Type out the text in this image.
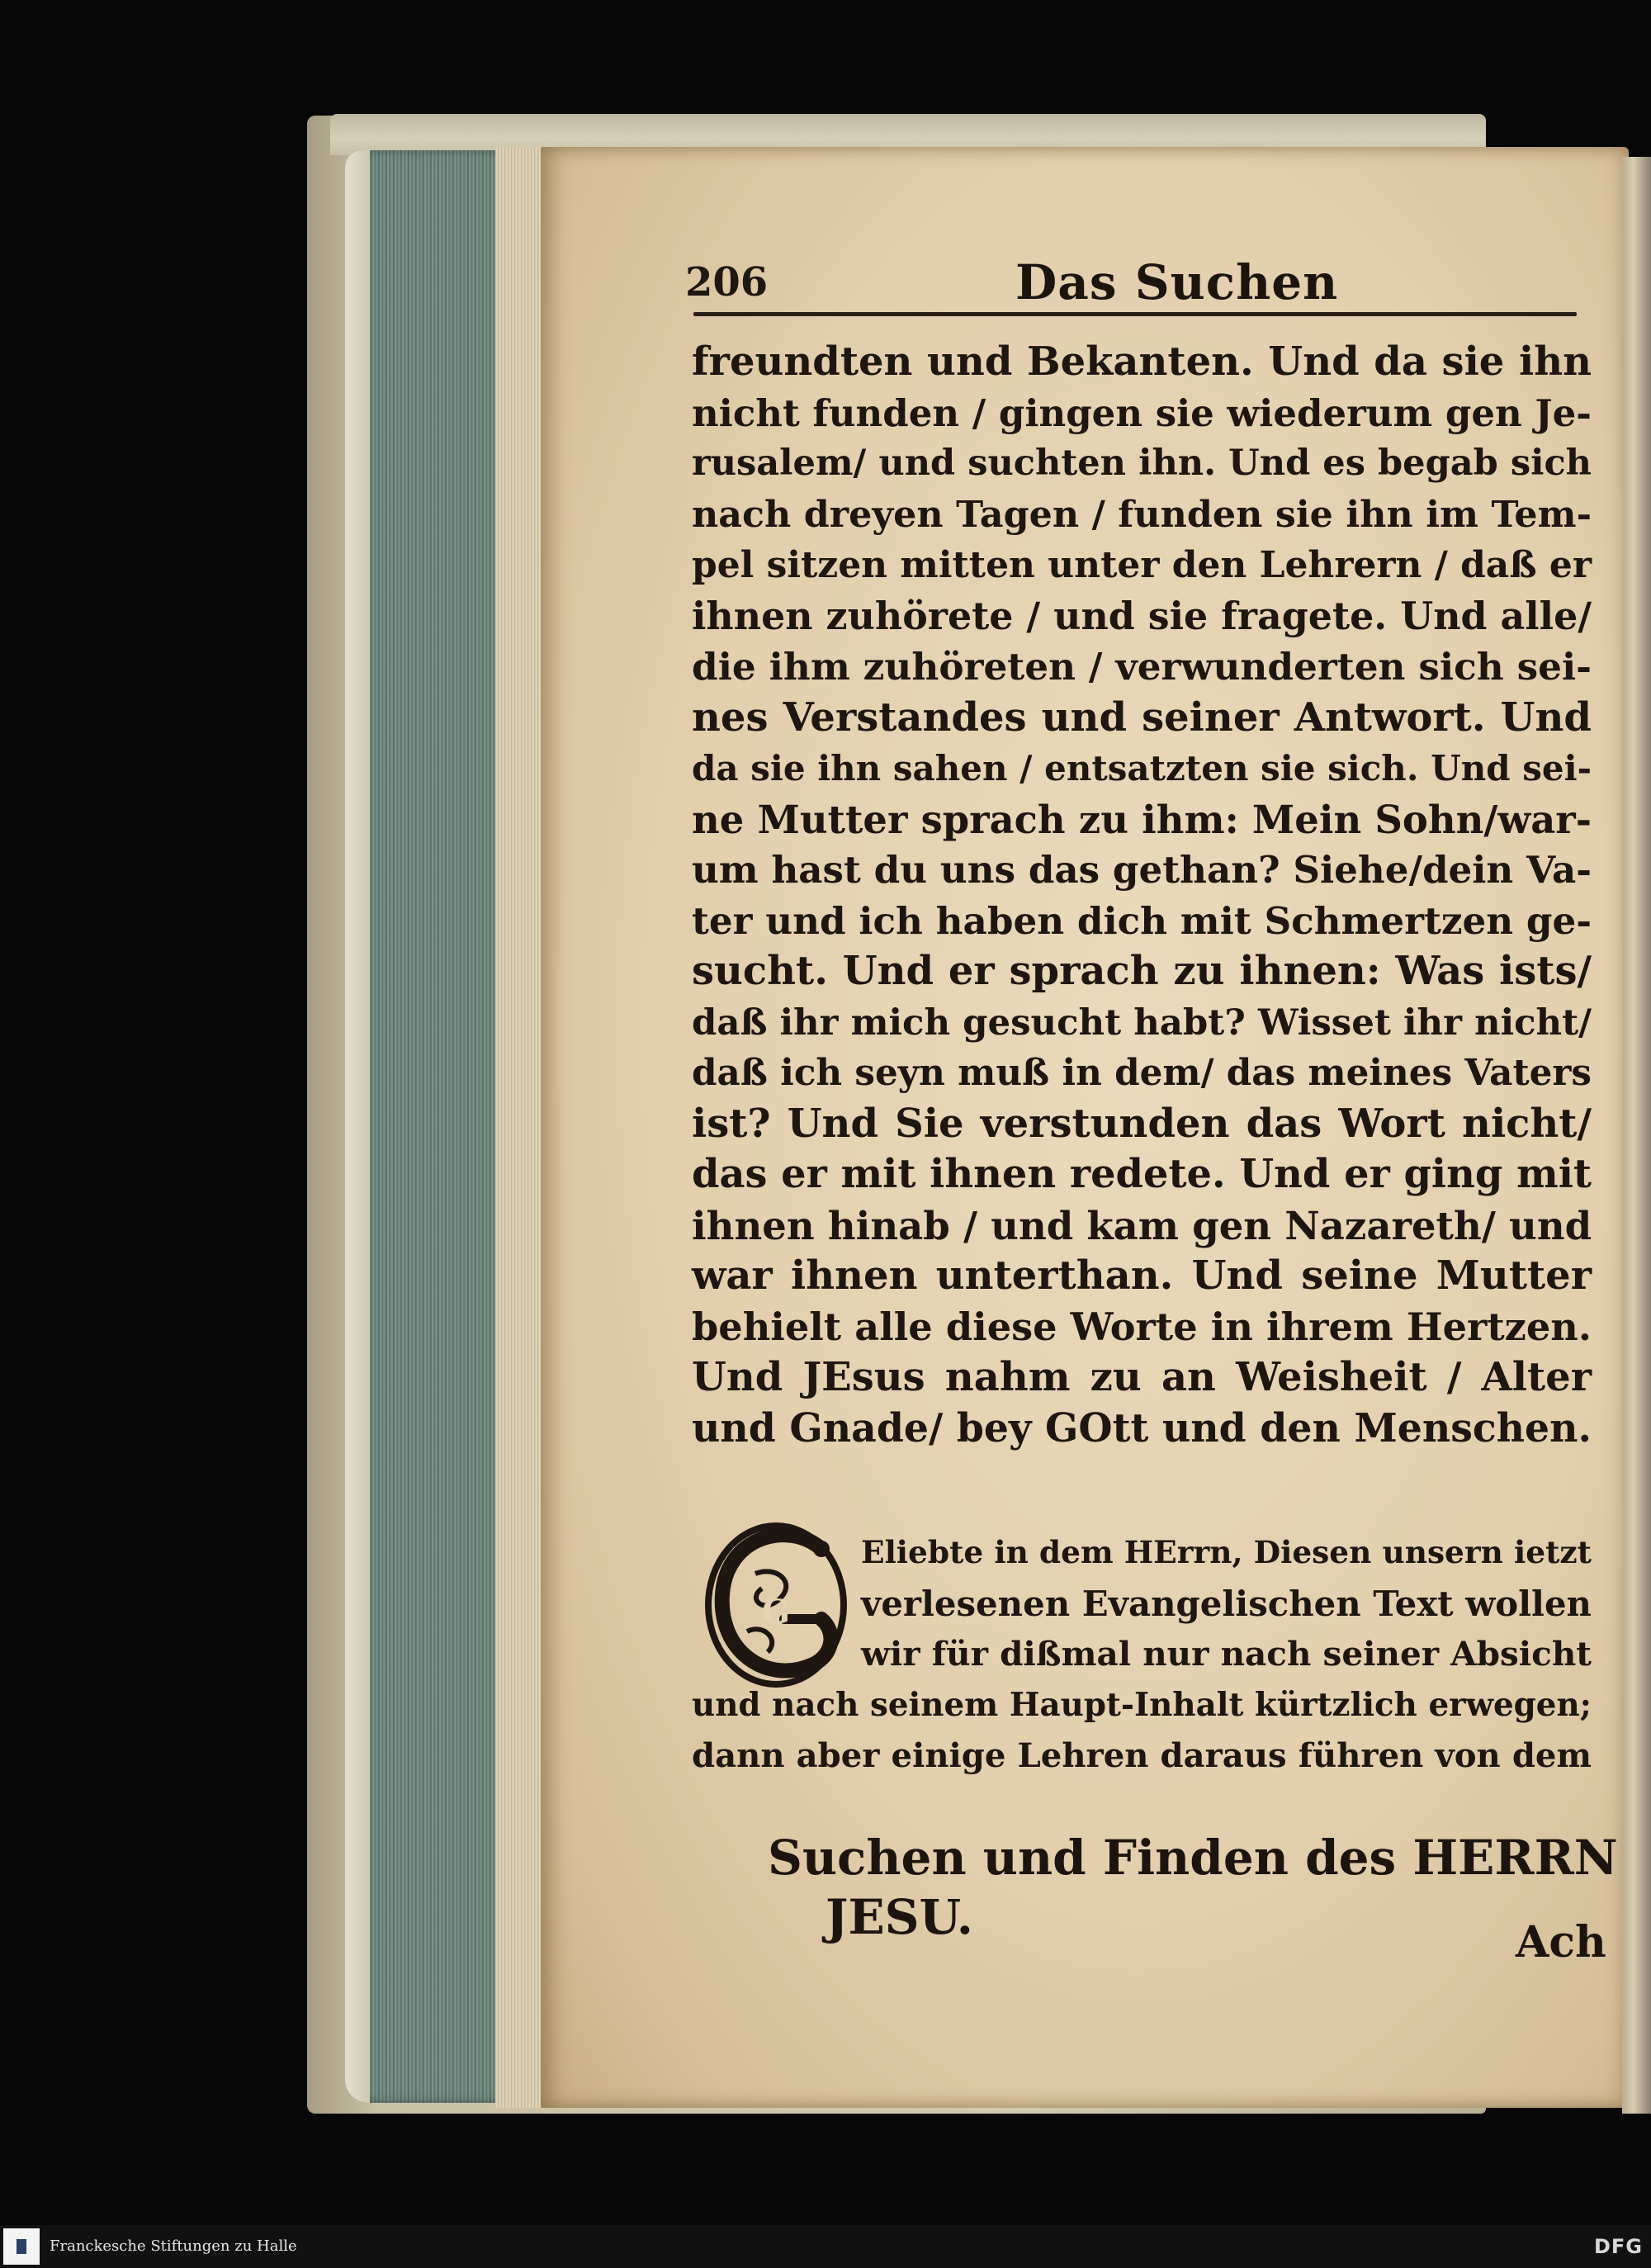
206	Das Suchen
freundten und Bekanten. Und da sie ihn
nicht funden / gingen sie wiederum gen Je-
rusalem/ und suchten ihn. Und es begab sich
nach dreyen Tagen / funden sie ihn im Tem-
pel sitzen mitten unter den Lehrern / daß er
ihnen zuhörete / und sie fragete. Und alle/
die ihm zuhöreten / verwunderten sich sei-
nes Verstandes und seiner Antwort. Und
da sie ihn sahen / entsatzten sie sich. Und sei-
ne Mutter sprach zu ihm: Mein Sohn/war-
um hast du uns das gethan? Siehe/dein Va-
ter und ich haben dich mit Schmertzen ge-
sucht. Und er sprach zu ihnen: Was ists/
daß ihr mich gesucht habt? Wisset ihr nicht/
daß ich seyn muß in dem/ das meines Vaters
ist? Und Sie verstunden das Wort nicht/
das er mit ihnen redete. Und er ging mit
ihnen hinab / und kam gen Nazareth/ und
war ihnen unterthan. Und seine Mutter
behielt alle diese Worte in ihrem Hertzen.
Und JEsus nahm zu an Weisheit / Alter
und Gnade/ bey GOtt und den Menschen.
G
Eliebte in dem HErrn, Diesen unsern ietzt
verlesenen Evangelischen Text wollen
wir für dißmal nur nach seiner Absicht
und nach seinem Haupt-Inhalt kürtzlich erwegen;
dann aber einige Lehren daraus führen von dem
Suchen und Finden des HERRN
JESU.	Ach
Franckesche Stiftungen zu Halle	DFG
